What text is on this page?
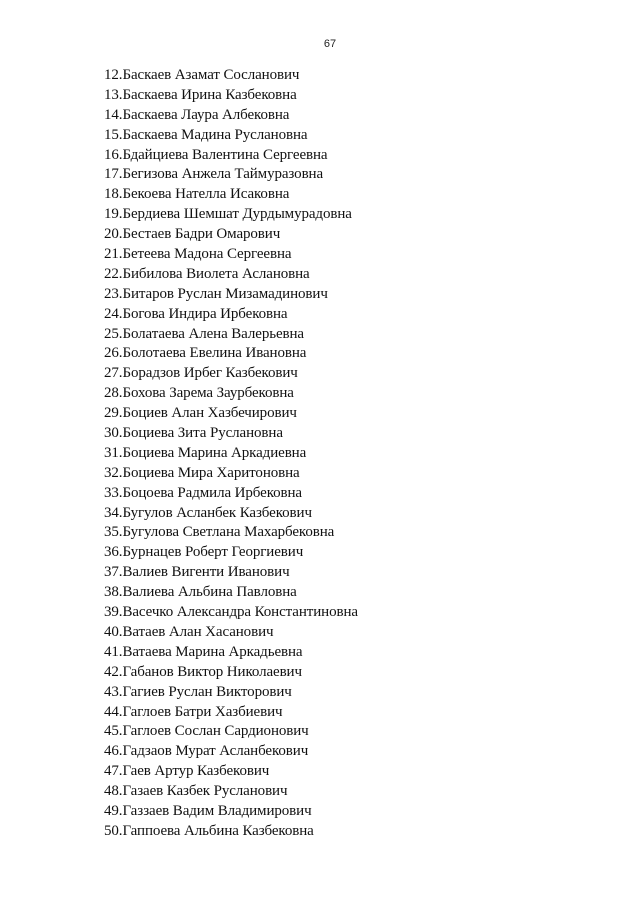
67
12.Баскаев Азамат Сосланович
13.Баскаева Ирина Казбековна
14.Баскаева Лаура Албековна
15.Баскаева Мадина Руслановна
16.Бдайциева Валентина Сергеевна
17.Бегизова Анжела Таймуразовна
18.Бекоева Нателла Исаковна
19.Бердиева Шемшат Дурдымурадовна
20.Бестаев Бадри Омарович
21.Бетеева Мадона Сергеевна
22.Бибилова Виолета Аслановна
23.Битаров Руслан Мизамадинович
24.Богова Индира Ирбековна
25.Болатаева Алена Валерьевна
26.Болотаева Евелина Ивановна
27.Борадзов Ирбег Казбекович
28.Бохова Зарема Заурбековна
29.Боциев Алан Хазбечирович
30.Боциева Зита Руслановна
31.Боциева Марина Аркадиевна
32.Боциева Мира Харитоновна
33.Боцоева Радмила Ирбековна
34.Бугулов Асланбек Казбекович
35.Бугулова Светлана Махарбековна
36.Бурнацев Роберт Георгиевич
37.Валиев Вигенти Иванович
38.Валиева Альбина Павловна
39.Васечко Александра Константиновна
40.Ватаев Алан Хасанович
41.Ватаева Марина Аркадьевна
42.Габанов Виктор Николаевич
43.Гагиев Руслан Викторович
44.Гаглоев Батри Хазбиевич
45.Гаглоев Сослан Сардионович
46.Гадзаов Мурат Асланбекович
47.Гаев Артур Казбекович
48.Газаев Казбек Русланович
49.Газзаев Вадим Владимирович
50.Гаппоева Альбина Казбековна
